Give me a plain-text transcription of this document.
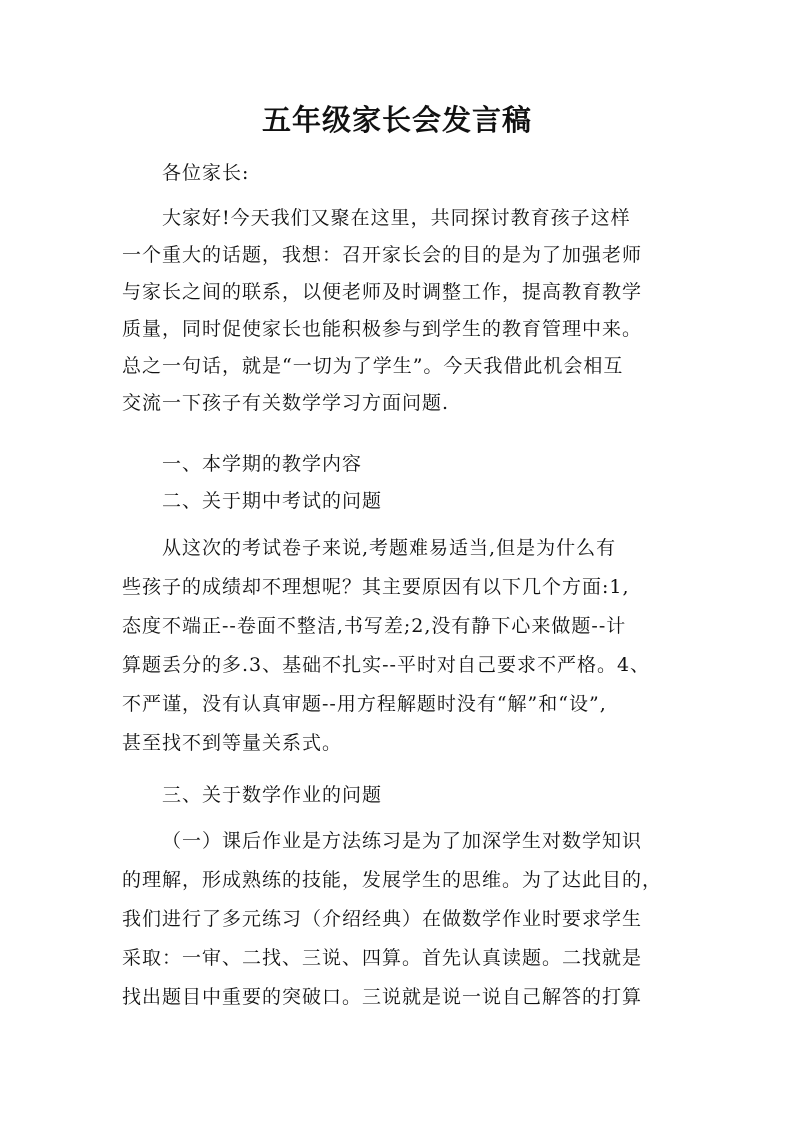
五年级家长会发言稿
各位家长:
大家好!今天我们又聚在这里，共同探讨教育孩子这样
一个重大的话题，我想：召开家长会的目的是为了加强老师
与家长之间的联系，以便老师及时调整工作，提高教育教学
质量，同时促使家长也能积极参与到学生的教育管理中来。
总之一句话，就是“一切为了学生”。今天我借此机会相互
交流一下孩子有关数学学习方面问题.
一、本学期的教学内容
二、关于期中考试的问题
从这次的考试卷子来说,考题难易适当,但是为什么有
些孩子的成绩却不理想呢？其主要原因有以下几个方面:1,
态度不端正--卷面不整洁,书写差;2,没有静下心来做题--计
算题丢分的多.3、基础不扎实--平时对自己要求不严格。4、
不严谨，没有认真审题--用方程解题时没有“解”和“设”,
甚至找不到等量关系式。
三、关于数学作业的问题
（一）课后作业是方法练习是为了加深学生对数学知识
的理解，形成熟练的技能，发展学生的思维。为了达此目的，
我们进行了多元练习（介绍经典）在做数学作业时要求学生
采取：一审、二找、三说、四算。首先认真读题。二找就是
找出题目中重要的突破口。三说就是说一说自己解答的打算
